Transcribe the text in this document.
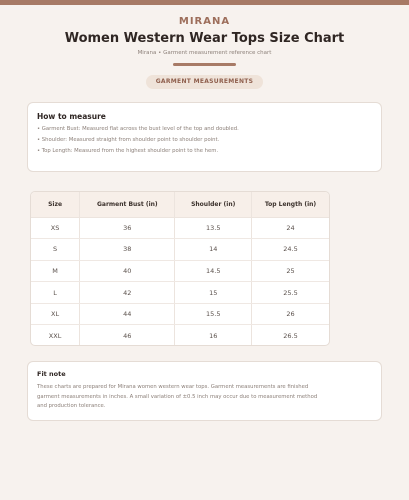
MIRANA
Women Western Wear Tops Size Chart
Mirana • Garment measurement reference chart
GARMENT MEASUREMENTS
How to measure
• Garment Bust: Measured flat across the bust level of the top and doubled.
• Shoulder: Measured straight from shoulder point to shoulder point.
• Top Length: Measured from the highest shoulder point to the hem.
Size	Garment Bust (in)	Shoulder (in)	Top Length (in)
XS	36	13.5	24
S	38	14	24.5
M	40	14.5	25
L	42	15	25.5
XL	44	15.5	26
XXL	46	16	26.5
Fit note
These charts are prepared for Mirana women western wear tops. Garment measurements are finished garment measurements in inches. A small variation of ±0.5 inch may occur due to measurement method and production tolerance.
